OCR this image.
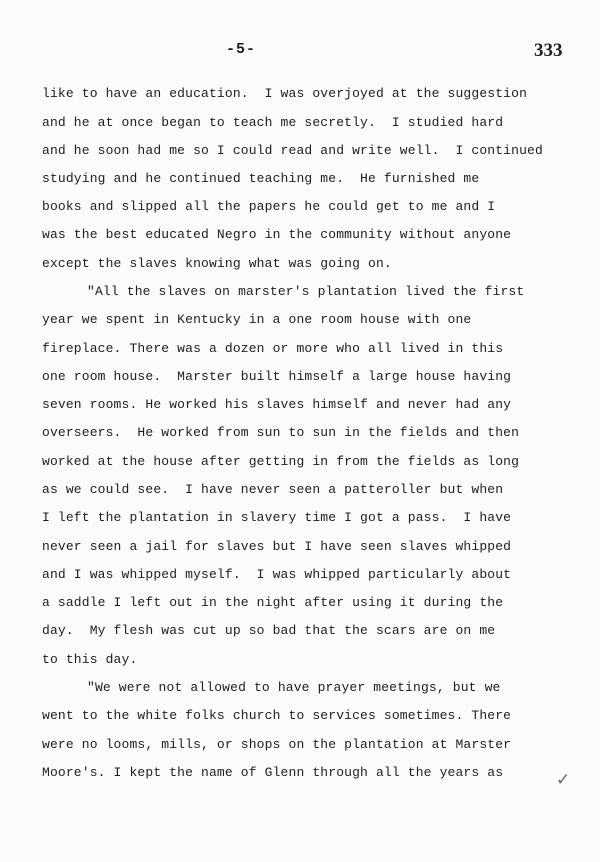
-5-	333
like to have an education.  I was overjoyed at the suggestion
and he at once began to teach me secretly.  I studied hard
and he soon had me so I could read and write well.  I continued
studying and he continued teaching me.  He furnished me
books and slipped all the papers he could get to me and I
was the best educated Negro in the community without anyone
except the slaves knowing what was going on.
"All the slaves on marster's plantation lived the first
year we spent in Kentucky in a one room house with one
fireplace. There was a dozen or more who all lived in this
one room house.  Marster built himself a large house having
seven rooms. He worked his slaves himself and never had any
overseers.  He worked from sun to sun in the fields and then
worked at the house after getting in from the fields as long
as we could see.  I have never seen a patteroller but when
I left the plantation in slavery time I got a pass.  I have
never seen a jail for slaves but I have seen slaves whipped
and I was whipped myself.  I was whipped particularly about
a saddle I left out in the night after using it during the
day.  My flesh was cut up so bad that the scars are on me
to this day.
"We were not allowed to have prayer meetings, but we
went to the white folks church to services sometimes. There
were no looms, mills, or shops on the plantation at Marster
Moore's. I kept the name of Glenn through all the years as	✓
